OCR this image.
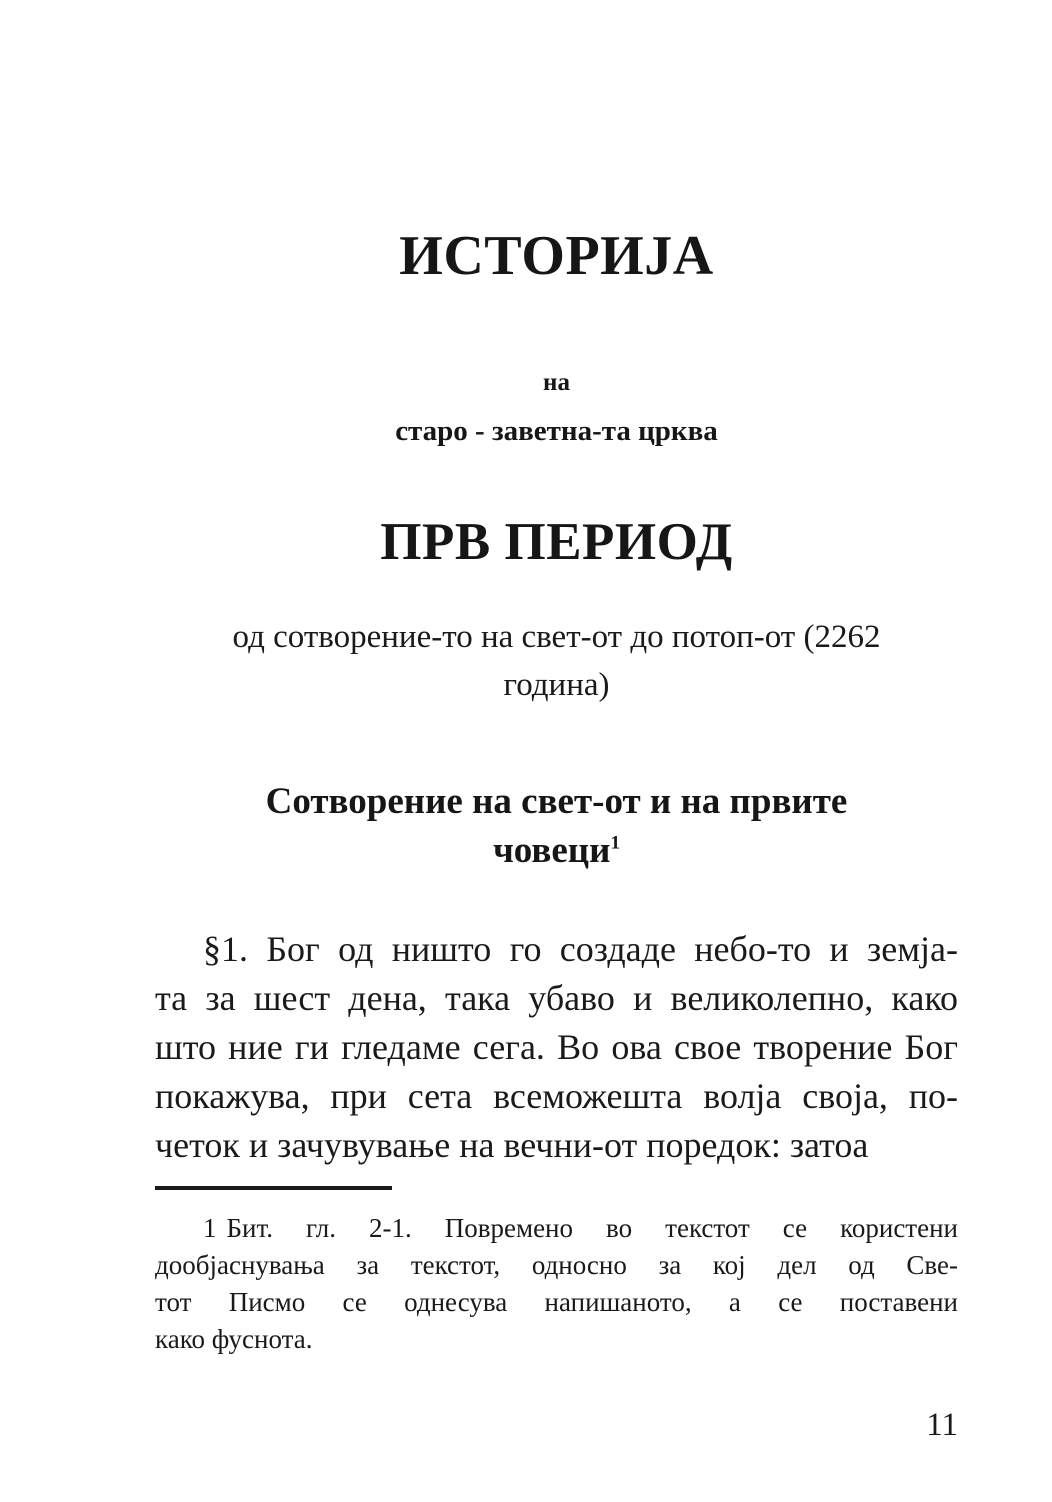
ИСТОРИЈА
на
старо - заветна-та црква
ПРВ ПЕРИОД
од сотворение-то на свет-от до потоп-от (2262
година)
Сотворение на свет-от и на првите
човеци$^1$

§1. Бог од ништо го создаде небо-то и земја-
та за шест дена, така убаво и великолепно, како
што ние ги гледаме сега. Во ова свое творение Бог
покажува, при сета всеможешта волја своја, по-
четок и зачувување на вечни-от поредок: затоа

1 Бит. гл. 2-1. Повремено во текстот се користени
дообјаснувања за текстот, односно за кој дел од Све-
тот Писмо се однесува напишаното, а се поставени
како фуснота.

11
